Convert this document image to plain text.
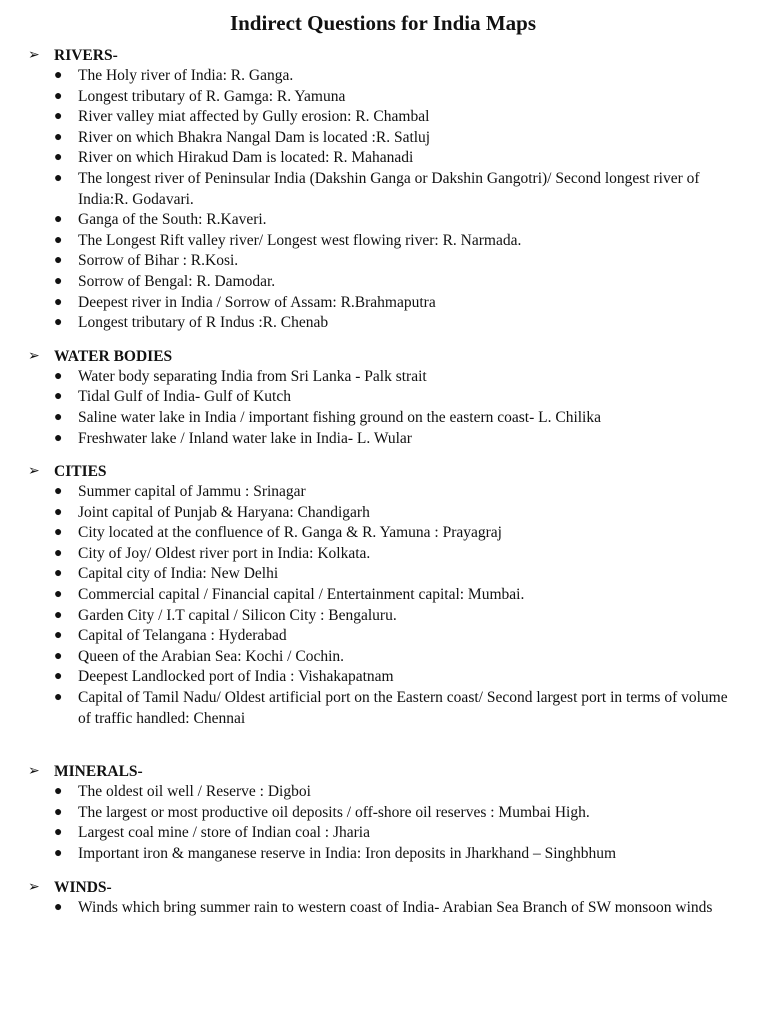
Indirect Questions for India Maps
➢ RIVERS-
● The Holy river of India: R. Ganga.
● Longest tributary of R. Gamga: R. Yamuna
● River valley miat affected by Gully erosion: R. Chambal
● River on which Bhakra Nangal Dam is located :R. Satluj
● River on which Hirakud Dam is located: R. Mahanadi
● The longest river of Peninsular India (Dakshin Ganga or Dakshin Gangotri)/ Second longest river of India:R. Godavari.
● Ganga of the South: R.Kaveri.
● The Longest Rift valley river/ Longest west flowing river: R. Narmada.
● Sorrow of Bihar : R.Kosi.
● Sorrow of Bengal: R. Damodar.
● Deepest river in India / Sorrow of Assam: R.Brahmaputra
● Longest tributary of R Indus :R. Chenab
➢ WATER BODIES
● Water body separating India from Sri Lanka - Palk strait
● Tidal Gulf of India- Gulf of Kutch
● Saline water lake in India / important fishing ground on the eastern coast- L. Chilika
● Freshwater lake / Inland water lake in India- L. Wular
➢ CITIES
● Summer capital of Jammu : Srinagar
● Joint capital of Punjab & Haryana: Chandigarh
● City located at the confluence of R. Ganga & R. Yamuna : Prayagraj
● City of Joy/ Oldest river port in India: Kolkata.
● Capital city of India: New Delhi
● Commercial capital / Financial capital / Entertainment capital: Mumbai.
● Garden City / I.T capital / Silicon City : Bengaluru.
● Capital of Telangana : Hyderabad
● Queen of the Arabian Sea: Kochi / Cochin.
● Deepest Landlocked port of India : Vishakapatnam
● Capital of Tamil Nadu/ Oldest artificial port on the Eastern coast/ Second largest port in terms of volume of traffic handled: Chennai
➢ MINERALS-
● The oldest oil well / Reserve : Digboi
● The largest or most productive oil deposits / off-shore oil reserves : Mumbai High.
● Largest coal mine / store of Indian coal : Jharia
● Important iron & manganese reserve in India: Iron deposits in Jharkhand – Singhbhum
➢ WINDS-
● Winds which bring summer rain to western coast of India- Arabian Sea Branch of SW monsoon winds
